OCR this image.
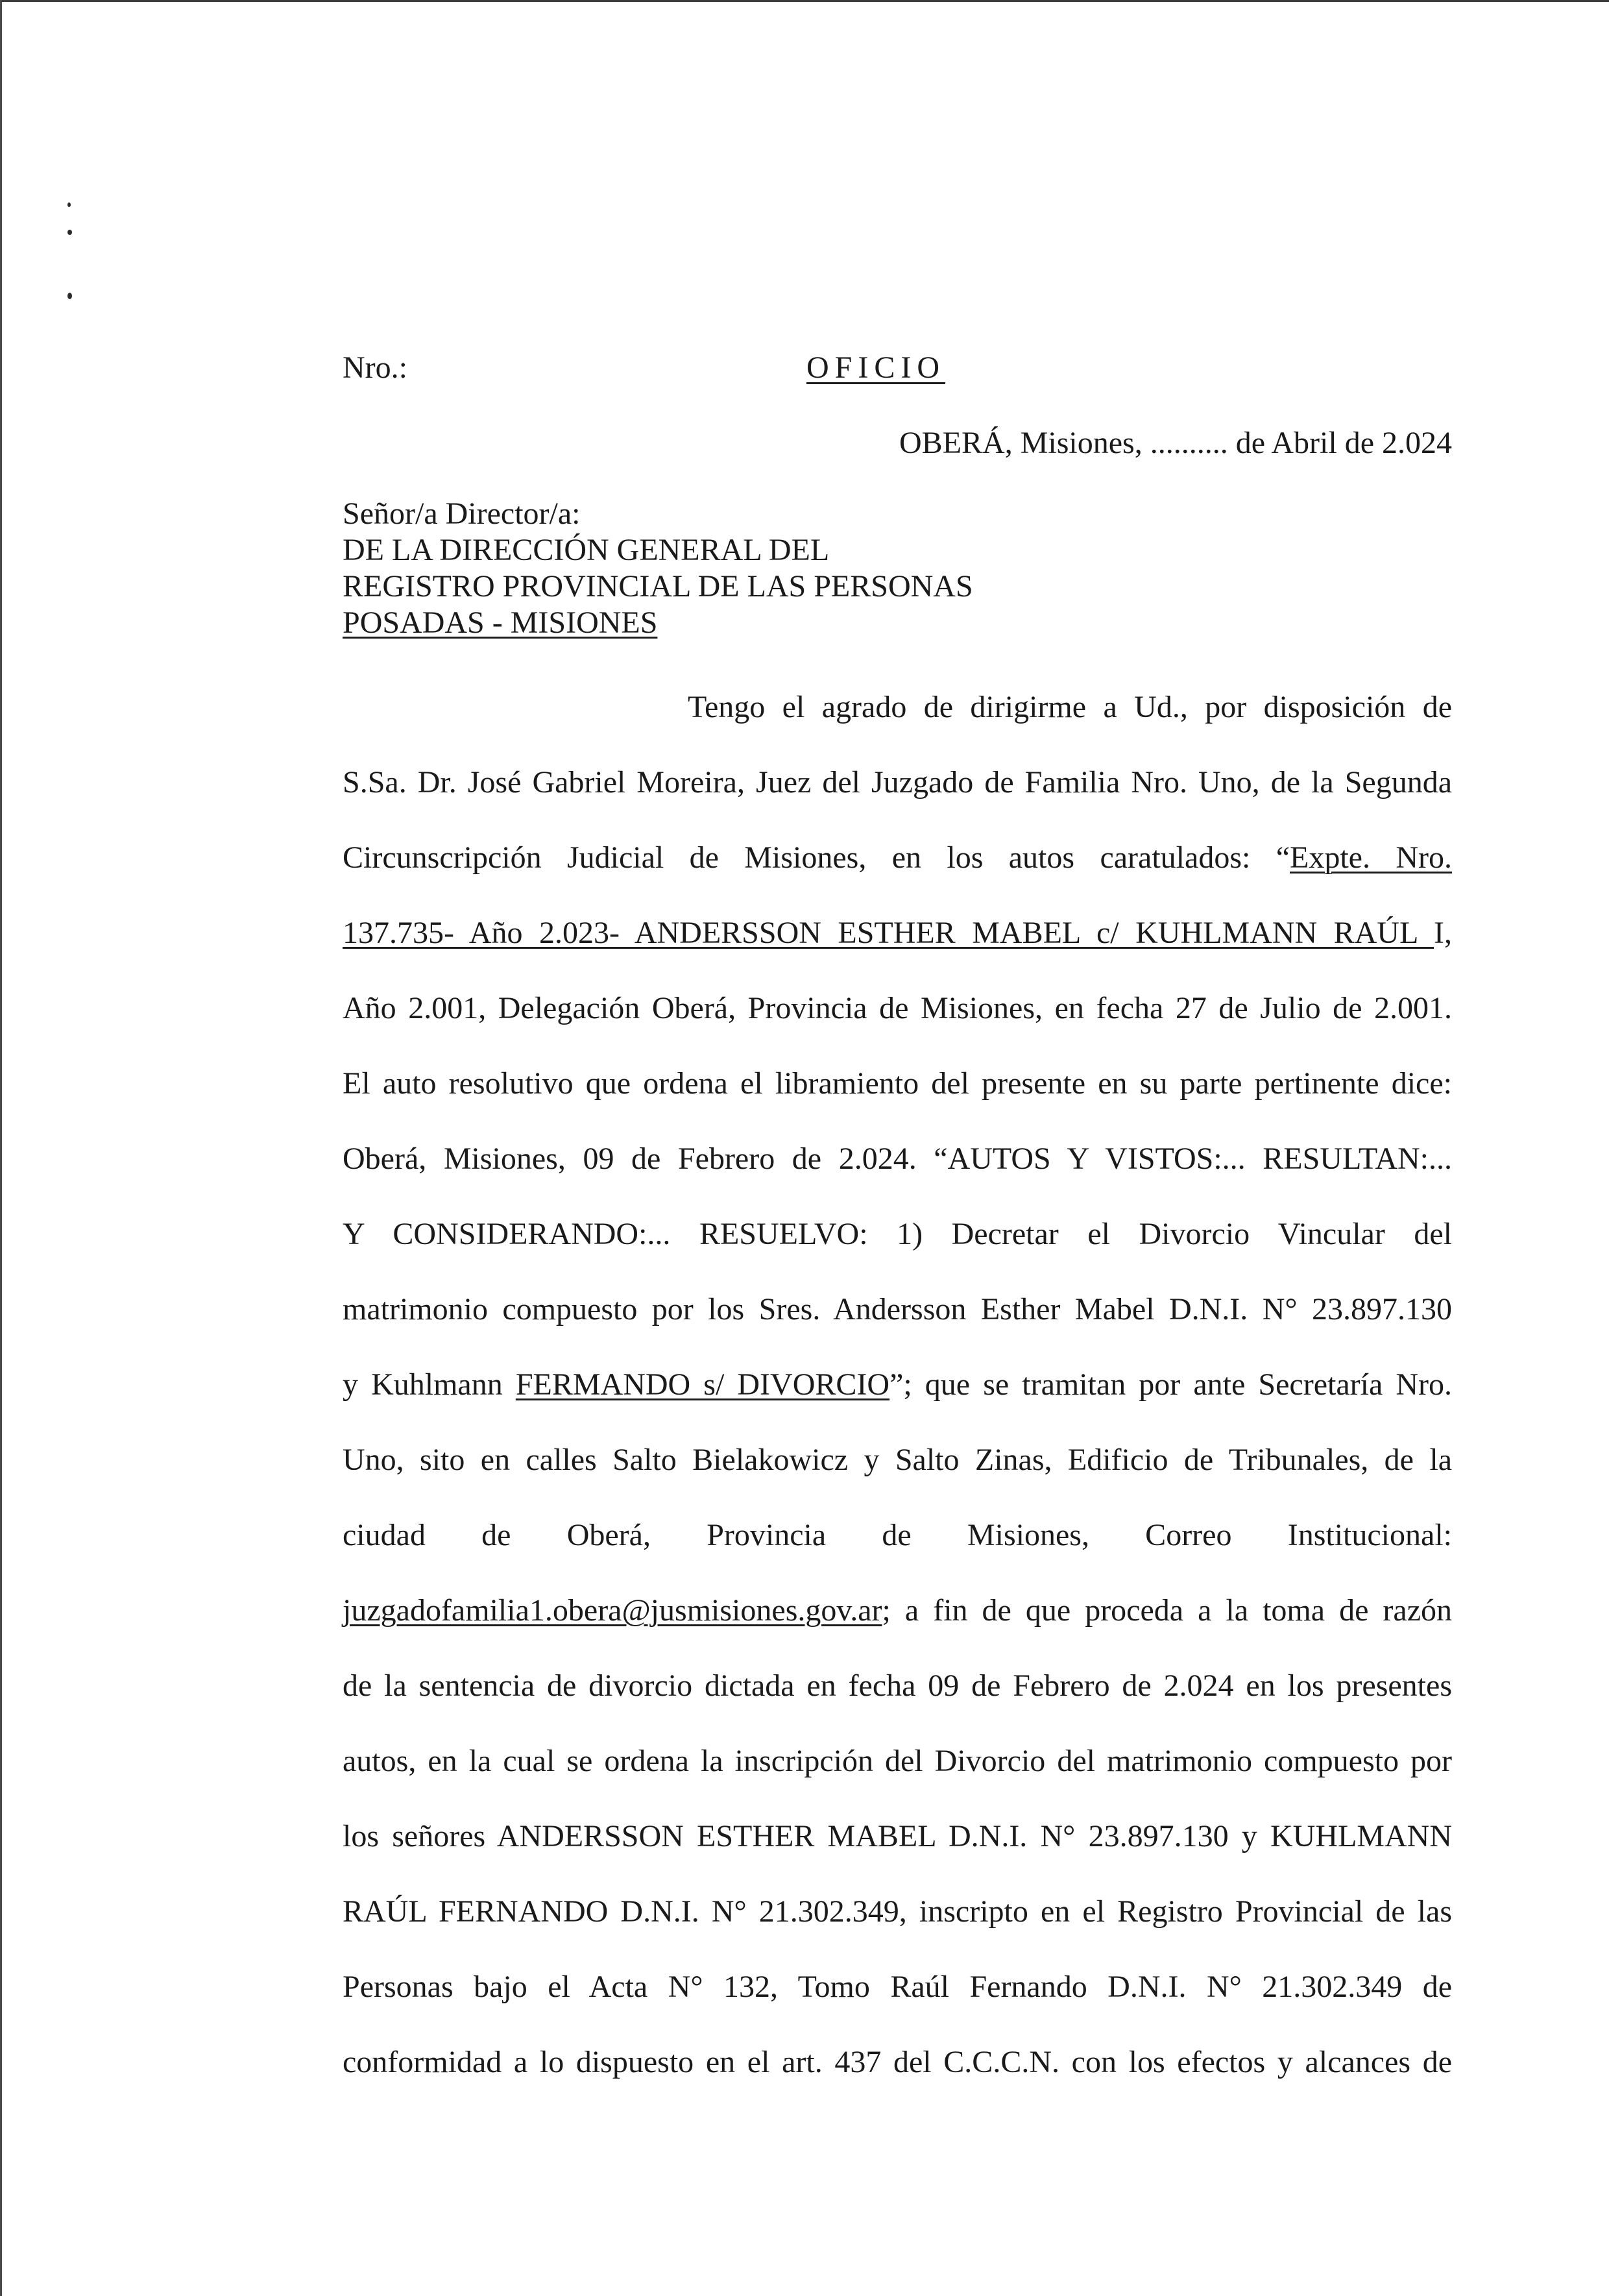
Nro.:	OFICIO
OBERÁ, Misiones, .......... de Abril de 2.024
Señor/a Director/a:
DE LA DIRECCIÓN GENERAL DEL
REGISTRO PROVINCIAL DE LAS PERSONAS
POSADAS - MISIONES
Tengo el agrado de dirigirme a Ud., por disposición de
S.Sa. Dr. José Gabriel Moreira, Juez del Juzgado de Familia Nro. Uno, de la Segunda
Circunscripción Judicial de Misiones, en los autos caratulados: “Expte. Nro.
137.735- Año 2.023- ANDERSSON ESTHER MABEL c/ KUHLMANN RAÚL I,
Año 2.001, Delegación Oberá, Provincia de Misiones, en fecha 27 de Julio de 2.001.
El auto resolutivo que ordena el libramiento del presente en su parte pertinente dice:
Oberá, Misiones, 09 de Febrero de 2.024. “AUTOS Y VISTOS:... RESULTAN:...
Y CONSIDERANDO:... RESUELVO: 1) Decretar el Divorcio Vincular del
matrimonio compuesto por los Sres. Andersson Esther Mabel D.N.I. N° 23.897.130
y Kuhlmann FERMANDO s/ DIVORCIO”; que se tramitan por ante Secretaría Nro.
Uno, sito en calles Salto Bielakowicz y Salto Zinas, Edificio de Tribunales, de la
ciudad de Oberá, Provincia de Misiones, Correo Institucional:
juzgadofamilia1.obera@jusmisiones.gov.ar; a fin de que proceda a la toma de razón
de la sentencia de divorcio dictada en fecha 09 de Febrero de 2.024 en los presentes
autos, en la cual se ordena la inscripción del Divorcio del matrimonio compuesto por
los señores ANDERSSON ESTHER MABEL D.N.I. N° 23.897.130 y KUHLMANN
RAÚL FERNANDO D.N.I. N° 21.302.349, inscripto en el Registro Provincial de las
Personas bajo el Acta N° 132, Tomo Raúl Fernando D.N.I. N° 21.302.349 de
conformidad a lo dispuesto en el art. 437 del C.C.C.N. con los efectos y alcances de
